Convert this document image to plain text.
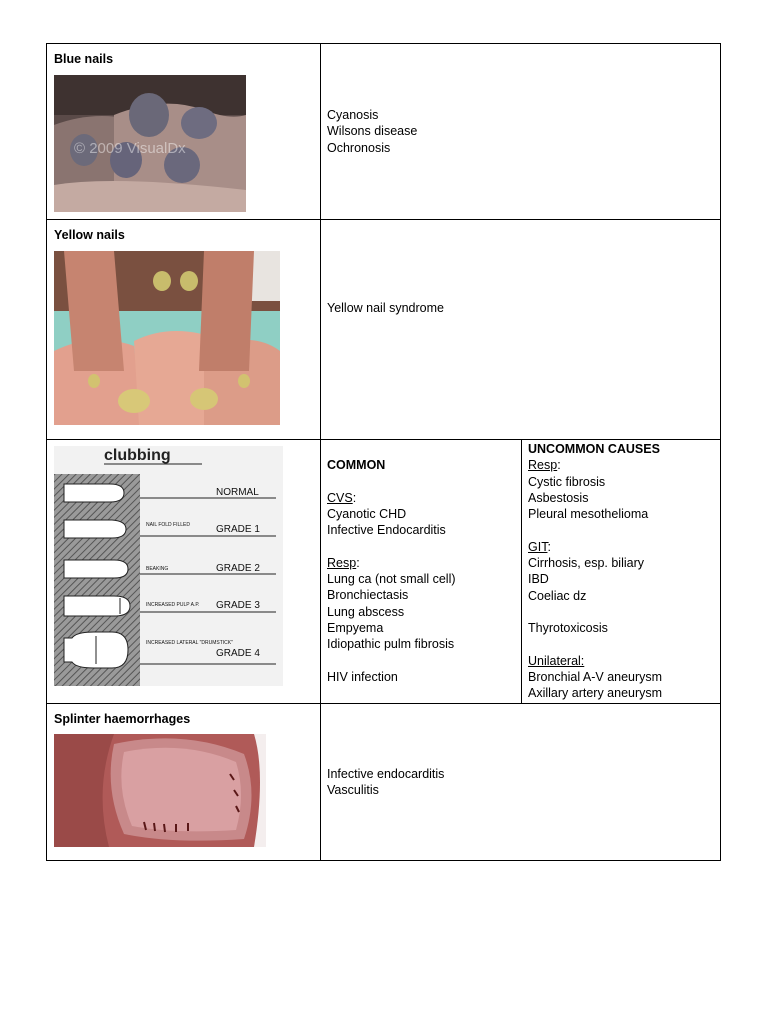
Blue nails
© 2009 VisualDx
Cyanosis
Wilsons disease
Ochronosis
Yellow nails
Yellow nail syndrome
clubbing
NORMAL
NAIL FOLD FILLED	GRADE 1
BEAKING	GRADE 2
INCREASED PULP A.P. GRADE 3
INCREASED LATERAL "DRUMSTICK"
GRADE 4
COMMON
CVS:
Cyanotic CHD
Infective Endocarditis
Resp:
Lung ca (not small cell)
Bronchiectasis
Lung abscess
Empyema
Idiopathic pulm fibrosis
HIV infection
UNCOMMON CAUSES
Resp:
Cystic fibrosis
Asbestosis
Pleural mesothelioma
GIT:
Cirrhosis, esp. biliary
IBD
Coeliac dz
Thyrotoxicosis
Unilateral:
Bronchial A-V aneurysm
Axillary artery aneurysm
Splinter haemorrhages
Infective endocarditis
Vasculitis
